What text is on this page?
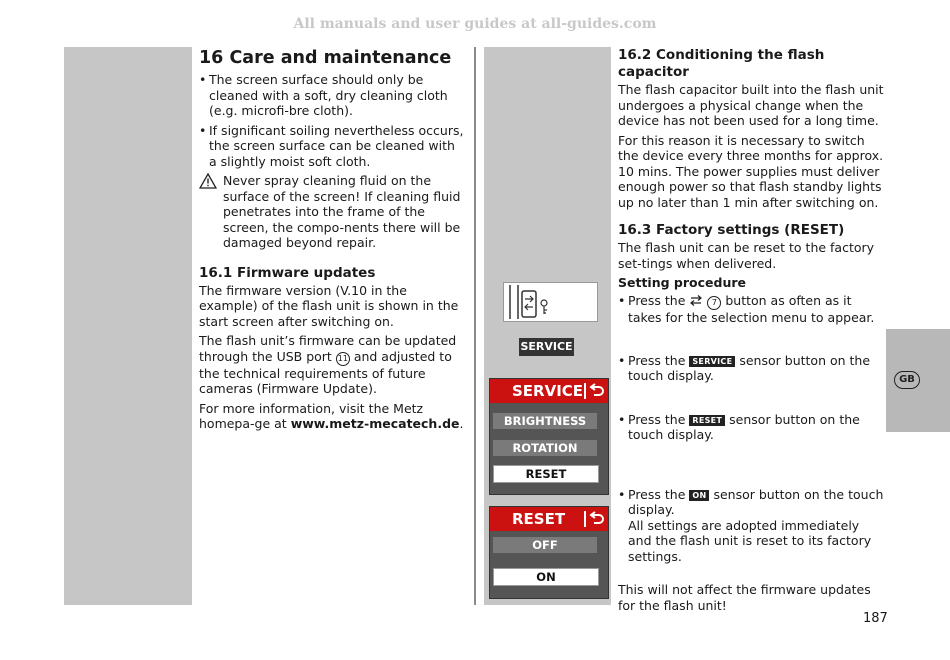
All manuals and user guides at all-guides.com
GB
16 Care and maintenance
• The screen surface should only be cleaned with a soft, dry cleaning cloth (e.g. microfi-bre cloth).
• If significant soiling nevertheless occurs, the screen surface can be cleaned with a slightly moist soft cloth.
Never spray cleaning fluid on the surface of the screen! If cleaning fluid penetrates into the frame of the screen, the compo-nents there will be damaged beyond repair.
16.1 Firmware updates

The firmware version (V.10 in the example) of the flash unit is shown in the start screen after switching on.

The flash unit’s firmware can be updated through the USB port 11 and adjusted to the technical requirements of future cameras (Firmware Update).

For more information, visit the Metz homepa-ge at www.metz-mecatech.de.

SERVICE
SERVICE
BRIGHTNESS
ROTATION
RESET
RESET
OFF
ON
16.2 Conditioning the flash capacitor

The flash capacitor built into the flash unit undergoes a physical change when the device has not been used for a long time.

For this reason it is necessary to switch the device every three months for approx.

10 mins. The power supplies must deliver enough power so that flash standby lights up no later than 1 min after switching on.

16.3 Factory settings (RESET)

The flash unit can be reset to the factory set-tings when delivered.

Setting procedure
• Press the	7 button as often as it takes for the selection menu to appear.
• Press the SERVICE sensor button on the touch display.
• Press the RESET sensor button on the touch display.
• Press the ON sensor button on the touch display.
All settings are adopted immediately and the flash unit is reset to its factory settings.

This will not affect the firmware updates for the flash unit!

187
